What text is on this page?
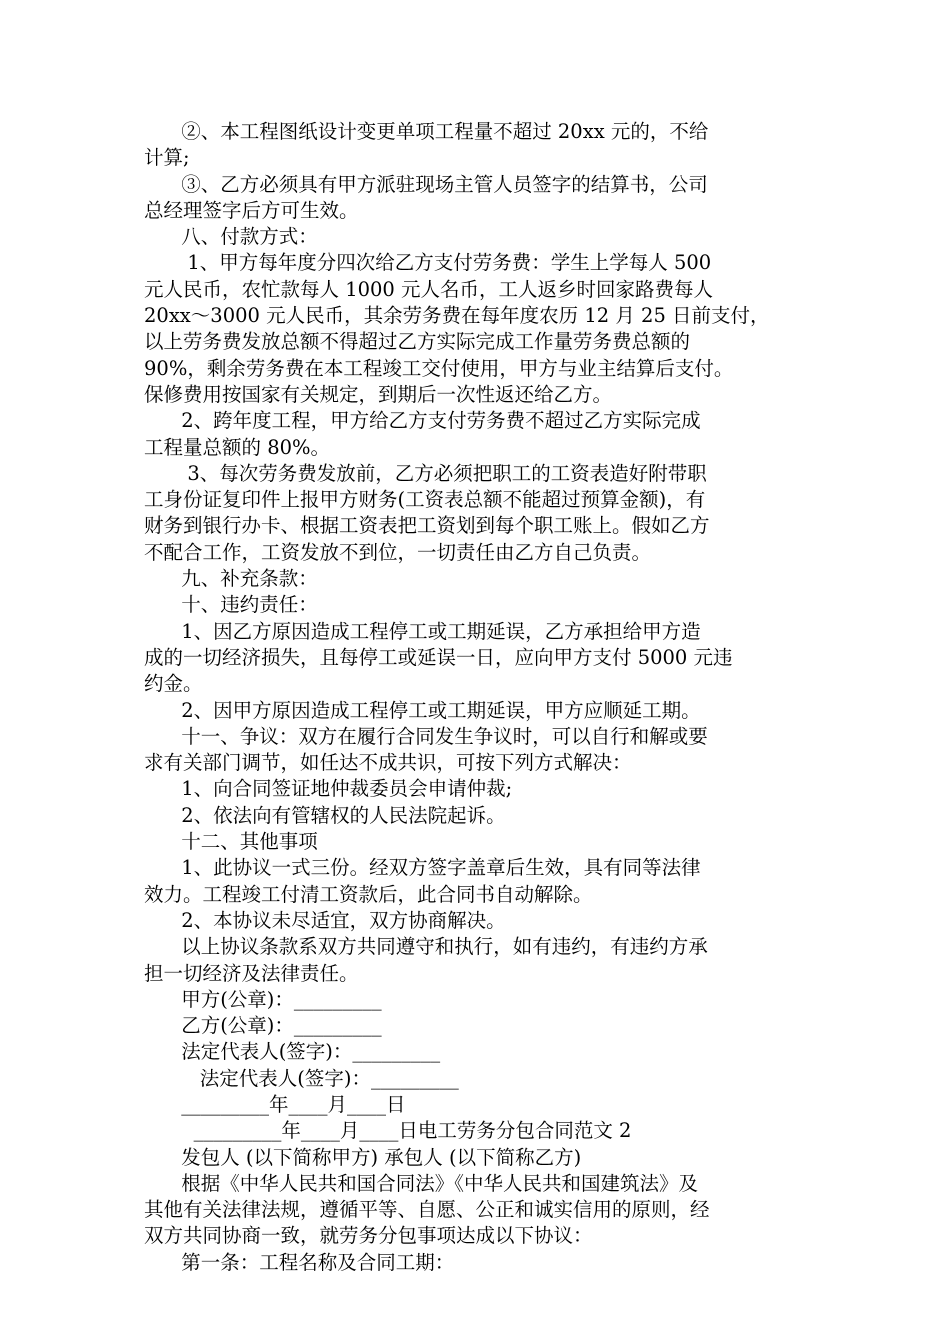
②、本工程图纸设计变更单项工程量不超过 20xx 元的，不给
计算;
③、乙方必须具有甲方派驻现场主管人员签字的结算书，公司
总经理签字后方可生效。
八、付款方式：
1、甲方每年度分四次给乙方支付劳务费：学生上学每人 500
元人民币，农忙款每人 1000 元人名币，工人返乡时回家路费每人
20xx～3000 元人民币，其余劳务费在每年度农历 12 月 25 日前支付，
以上劳务费发放总额不得超过乙方实际完成工作量劳务费总额的
90%，剩余劳务费在本工程竣工交付使用，甲方与业主结算后支付。
保修费用按国家有关规定，到期后一次性返还给乙方。
2、跨年度工程，甲方给乙方支付劳务费不超过乙方实际完成
工程量总额的 80%。
3、每次劳务费发放前，乙方必须把职工的工资表造好附带职
工身份证复印件上报甲方财务(工资表总额不能超过预算金额)，有
财务到银行办卡、根据工资表把工资划到每个职工账上。假如乙方
不配合工作，工资发放不到位，一切责任由乙方自己负责。
九、补充条款：
十、违约责任：
1、因乙方原因造成工程停工或工期延误，乙方承担给甲方造
成的一切经济损失，且每停工或延误一日，应向甲方支付 5000 元违
约金。
2、因甲方原因造成工程停工或工期延误，甲方应顺延工期。
十一、争议：双方在履行合同发生争议时，可以自行和解或要
求有关部门调节，如任达不成共识，可按下列方式解决：
1、向合同签证地仲裁委员会申请仲裁;
2、依法向有管辖权的人民法院起诉。
十二、其他事项
1、此协议一式三份。经双方签字盖章后生效，具有同等法律
效力。工程竣工付清工资款后，此合同书自动解除。
2、本协议未尽适宜，双方协商解决。
以上协议条款系双方共同遵守和执行，如有违约，有违约方承
担一切经济及法律责任。
甲方(公章)：_________
乙方(公章)：_________
法定代表人(签字)：_________
法定代表人(签字)：_________
_________年____月____日
_________年____月____日电工劳务分包合同范文 2
发包人 (以下简称甲方) 承包人 (以下简称乙方)
根据《中华人民共和国合同法》《中华人民共和国建筑法》及
其他有关法律法规，遵循平等、自愿、公正和诚实信用的原则，经
双方共同协商一致，就劳务分包事项达成以下协议：
第一条：工程名称及合同工期：
